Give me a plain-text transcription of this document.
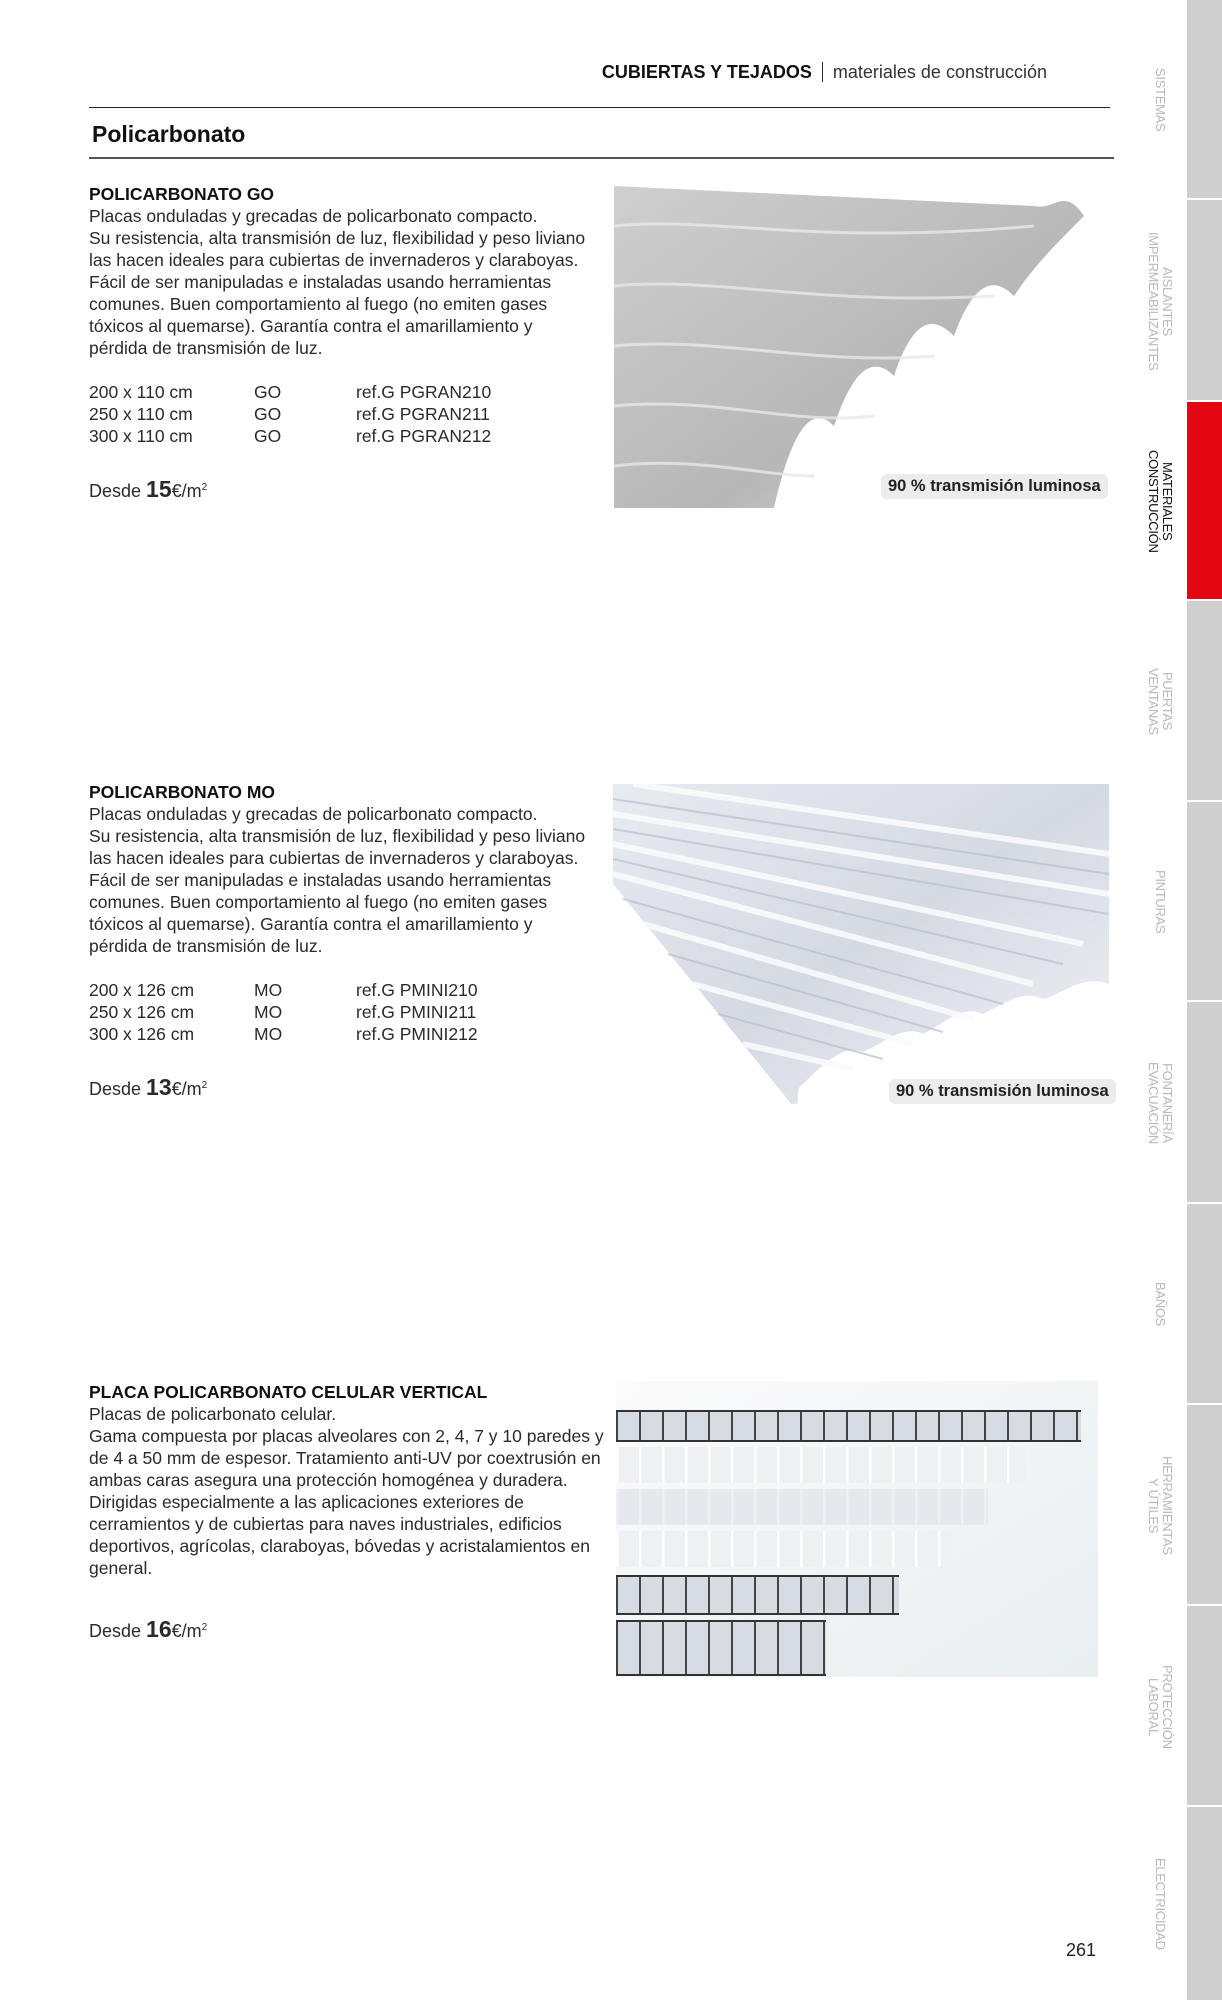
CUBIERTAS Y TEJADOS materiales de construcción
Policarbonato
POLICARBONATO GO

Placas onduladas y grecadas de policarbonato compacto.

Su resistencia, alta transmisión de luz, flexibilidad y peso liviano las hacen ideales para cubiertas de invernaderos y claraboyas.

Fácil de ser manipuladas e instaladas usando herramientas comunes. Buen comportamiento al fuego (no emiten gases tóxicos al quemarse). Garantía contra el amarillamiento y pérdida de transmisión de luz.

200 x 110 cm	GO	ref.G PGRAN210
250 x 110 cm	GO	ref.G PGRAN211
300 x 110 cm	GO	ref.G PGRAN212
Desde $15€/m^2$	90 % transmisión luminosa
POLICARBONATO MO

Placas onduladas y grecadas de policarbonato compacto.

Su resistencia, alta transmisión de luz, flexibilidad y peso liviano las hacen ideales para cubiertas de invernaderos y claraboyas.

Fácil de ser manipuladas e instaladas usando herramientas comunes. Buen comportamiento al fuego (no emiten gases tóxicos al quemarse). Garantía contra el amarillamiento y pérdida de transmisión de luz.

200 x 126 cm	MO	ref.G PMINI210
250 x 126 cm	MO	ref.G PMINI211
300 x 126 cm	MO	ref.G PMINI212
Desde $13€/m^2$	90 % transmisión luminosa
PLACA POLICARBONATO CELULAR VERTICAL

Placas de policarbonato celular.

Gama compuesta por placas alveolares con 2, 4, 7 y 10 paredes y de 4 a 50 mm de espesor. Tratamiento anti-UV por coextrusión en ambas caras asegura una protección homogénea y duradera.

Dirigidas especialmente a las aplicaciones exteriores de cerramientos y de cubiertas para naves industriales, edificios deportivos, agrícolas, claraboyas, bóvedas y acristalamientos en general.

Desde $16€/m^2$
SISTEMAS
AISLANTES
IMPERMEABILIZANTES
MATERIALES
CONSTRUCCIÓN
PUERTAS
VENTANAS
PINTURAS
FONTANERÍA
EVACUACIÓN
BAÑOS
HERRAMIENTAS
Y ÚTILES
PROTECCIÓN
LABORAL
ELECTRICIDAD
261
